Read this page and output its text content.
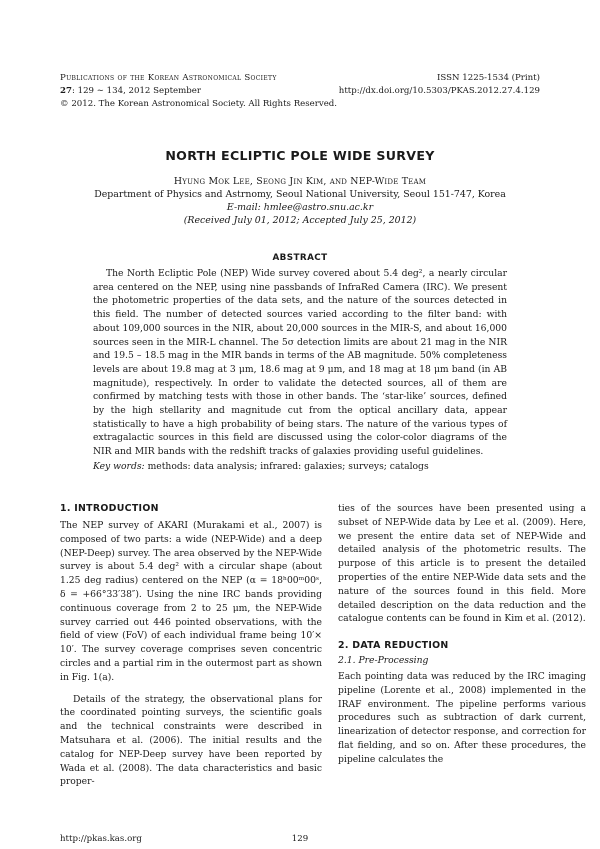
Publications of the Korean Astronomical Society
27: 129 ∼ 134, 2012 September
© 2012. The Korean Astronomical Society. All Rights Reserved.
ISSN 1225-1534 (Print)
http://dx.doi.org/10.5303/PKAS.2012.27.4.129
NORTH ECLIPTIC POLE WIDE SURVEY
Hyung Mok Lee, Seong Jin Kim, and NEP-Wide Team
Department of Physics and Astrnomy, Seoul National University, Seoul 151-747, Korea
E-mail: hmlee@astro.snu.ac.kr
(Received July 01, 2012; Accepted July 25, 2012)
ABSTRACT
The North Ecliptic Pole (NEP) Wide survey covered about 5.4 deg², a nearly circular area centered on the NEP, using nine passbands of InfraRed Camera (IRC). We present the photometric properties of the data sets, and the nature of the sources detected in this field. The number of detected sources varied according to the filter band: with about 109,000 sources in the NIR, about 20,000 sources in the MIR-S, and about 16,000 sources seen in the MIR-L channel. The 5σ detection limits are about 21 mag in the NIR and 19.5 – 18.5 mag in the MIR bands in terms of the AB magnitude. 50% completeness levels are about 19.8 mag at 3 μm, 18.6 mag at 9 μm, and 18 mag at 18 μm band (in AB magnitude), respectively. In order to validate the detected sources, all of them are confirmed by matching tests with those in other bands. The ‘star-like’ sources, defined by the high stellarity and magnitude cut from the optical ancillary data, appear statistically to have a high probability of being stars. The nature of the various types of extragalactic sources in this field are discussed using the color-color diagrams of the NIR and MIR bands with the redshift tracks of galaxies providing useful guidelines.
Key words: methods: data analysis; infrared: galaxies; surveys; catalogs
1. INTRODUCTION

The NEP survey of AKARI (Murakami et al., 2007) is composed of two parts: a wide (NEP-Wide) and a deep (NEP-Deep) survey. The area observed by the NEP-Wide survey is about 5.4 deg² with a circular shape (about 1.25 deg radius) centered on the NEP (α = 18ʰ00ᵐ00ˢ, δ = +66°33′38″). Using the nine IRC bands providing continuous coverage from 2 to 25 μm, the NEP-Wide survey carried out 446 pointed observations, with the field of view (FoV) of each individual frame being 10′× 10′. The survey coverage comprises seven concentric circles and a partial rim in the outermost part as shown in Fig. 1(a).

Details of the strategy, the observational plans for the coordinated pointing surveys, the scientific goals and the technical constraints were described in Matsuhara et al. (2006). The initial results and the catalog for NEP-Deep survey have been reported by Wada et al. (2008). The data characteristics and basic proper-

ties of the sources have been presented using a subset of NEP-Wide data by Lee et al. (2009). Here, we present the entire data set of NEP-Wide and detailed analysis of the photometric results. The purpose of this article is to present the detailed properties of the entire NEP-Wide data sets and the nature of the sources found in this field. More detailed description on the data reduction and the catalogue contents can be found in Kim et al. (2012).

2. DATA REDUCTION
2.1. Pre-Processing

Each pointing data was reduced by the IRC imaging pipeline (Lorente et al., 2008) implemented in the IRAF environment. The pipeline performs various procedures such as subtraction of dark current, linearization of detector response, and correction for flat fielding, and so on. After these procedures, the pipeline calculates the

http://pkas.kas.org	129
